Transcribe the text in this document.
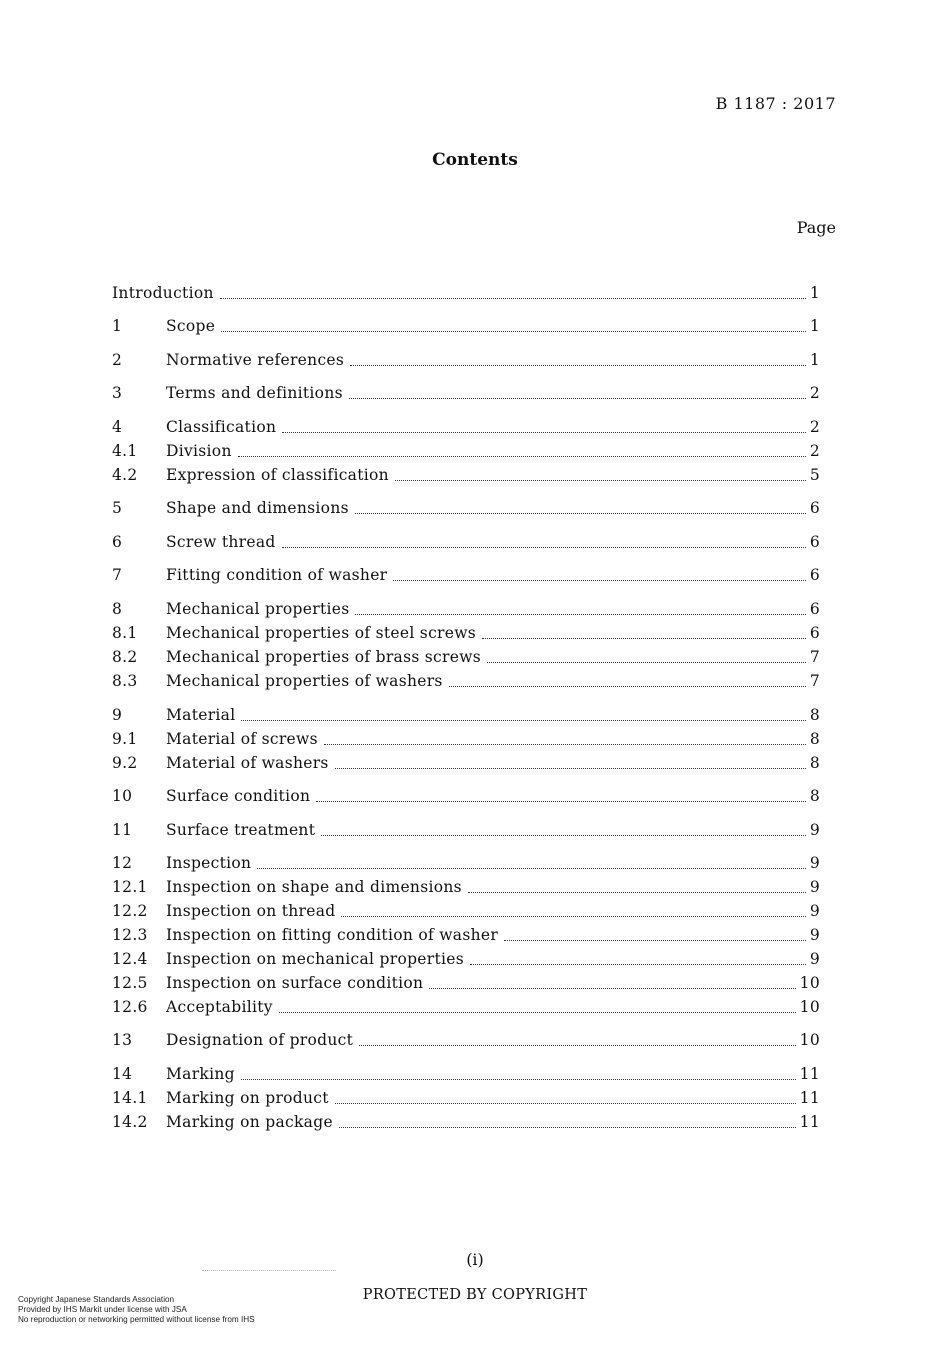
B 1187 : 2017
Contents
Page
Introduction	1
1	Scope	1
2	Normative references	1
3	Terms and definitions	2
4	Classification	2
4.1	Division	2
4.2	Expression of classification	5
5	Shape and dimensions	6
6	Screw thread	6
7	Fitting condition of washer	6
8	Mechanical properties	6
8.1	Mechanical properties of steel screws	6
8.2	Mechanical properties of brass screws	7
8.3	Mechanical properties of washers	7
9	Material	8
9.1	Material of screws	8
9.2	Material of washers	8
10	Surface condition	8
11	Surface treatment	9
12	Inspection	9
12.1	Inspection on shape and dimensions	9
12.2	Inspection on thread	9
12.3	Inspection on fitting condition of washer	9
12.4	Inspection on mechanical properties	9
12.5	Inspection on surface condition	10
12.6	Acceptability	10
13	Designation of product	10
14	Marking	11
14.1	Marking on product	11
14.2	Marking on package	11
(i)
PROTECTED BY COPYRIGHT
Copyright Japanese Standards Association
Provided by IHS Markit under license with JSA
No reproduction or networking permitted without license from IHS
